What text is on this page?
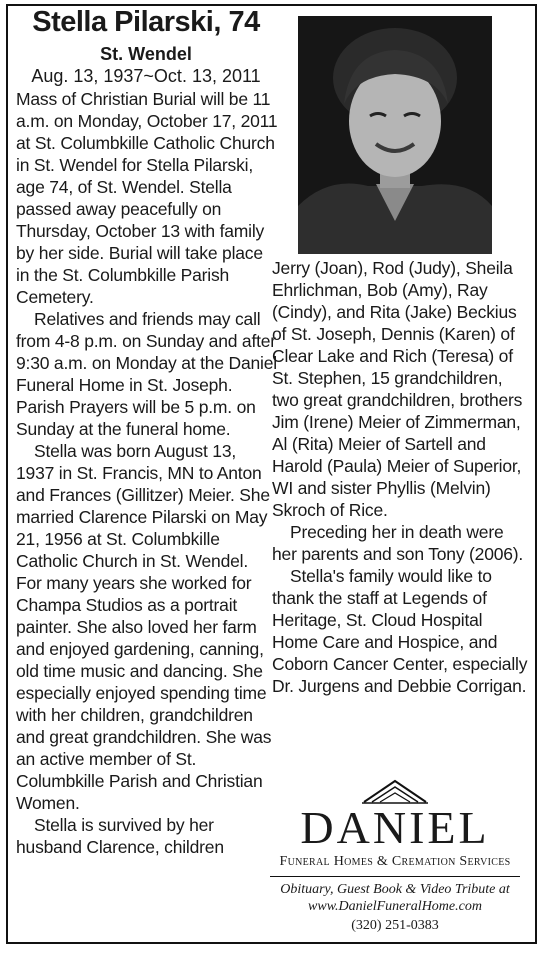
Stella Pilarski, 74
St. Wendel
Aug. 13, 1937~Oct. 13, 2011

Mass of Christian Burial will be 11 a.m. on Monday, October 17, 2011 at St. Columbkille Catholic Church in St. Wendel for Stella Pilarski, age 74, of St. Wendel. Stella passed away peacefully on Thursday, October 13 with family by her side. Burial will take place in the St. Columbkille Parish Cemetery.

Relatives and friends may call from 4-8 p.m. on Sunday and after 9:30 a.m. on Monday at the Daniel Funeral Home in St. Joseph. Parish Prayers will be 5 p.m. on Sunday at the funeral home.

Stella was born August 13, 1937 in St. Francis, MN to Anton and Frances (Gillitzer) Meier. She married Clarence Pilarski on May 21, 1956 at St. Columbkille Catholic Church in St. Wendel. For many years she worked for Champa Studios as a portrait painter. She also loved her farm and enjoyed gardening, canning, old time music and dancing. She especially enjoyed spending time with her children, grandchildren and great grandchildren. She was an active member of St. Columbkille Parish and Christian Women.

Stella is survived by her husband Clarence, children

Jerry (Joan), Rod (Judy), Sheila Ehrlichman, Bob (Amy), Ray (Cindy), and Rita (Jake) Beckius of St. Joseph, Dennis (Karen) of Clear Lake and Rich (Teresa) of St. Stephen, 15 grandchildren, two great grandchildren, brothers Jim (Irene) Meier of Zimmerman, Al (Rita) Meier of Sartell and Harold (Paula) Meier of Superior, WI and sister Phyllis (Melvin) Skroch of Rice.

Preceding her in death were her parents and son Tony (2006).

Stella's family would like to thank the staff at Legends of Heritage, St. Cloud Hospital Home Care and Hospice, and Coborn Cancer Center, especially Dr. Jurgens and Debbie Corrigan.

DANIEL
Funeral Homes & Cremation Services
Obituary, Guest Book & Video Tribute at
www.DanielFuneralHome.com
(320) 251-0383
